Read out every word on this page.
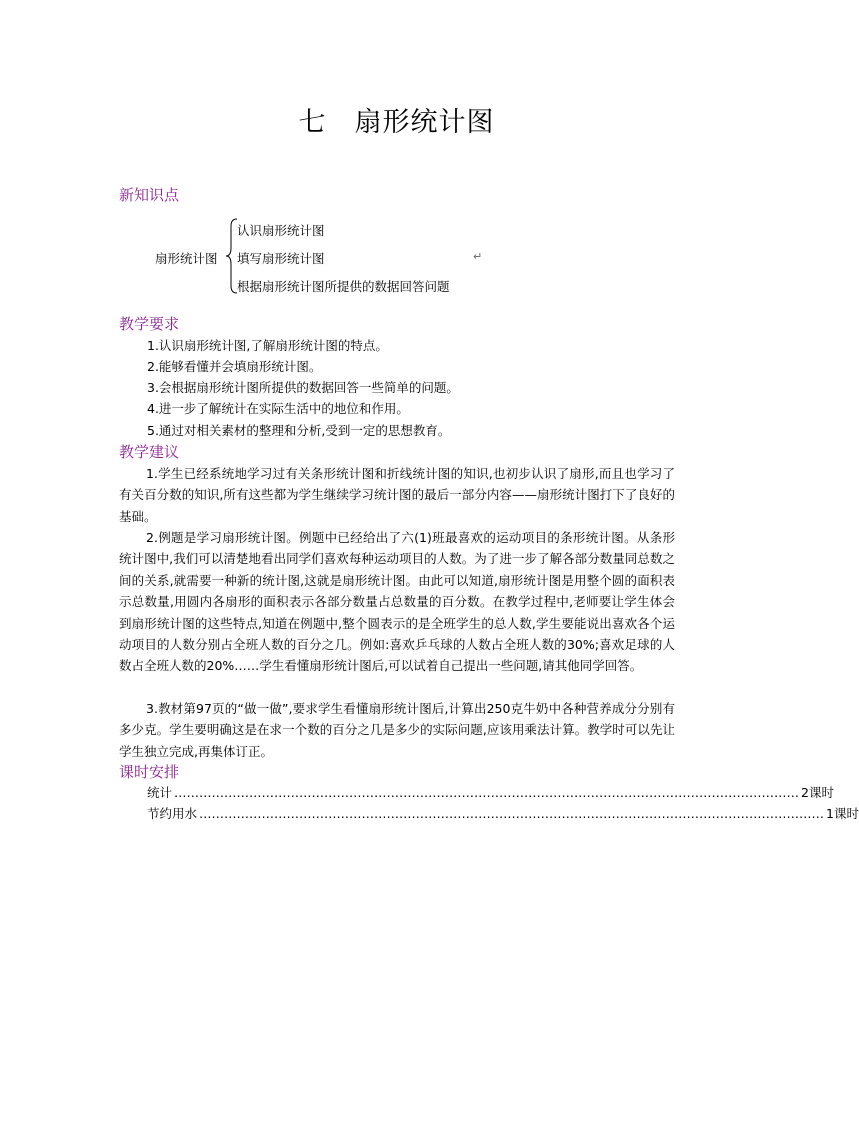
七　扇形统计图
新知识点
扇形统计图
认识扇形统计图
填写扇形统计图
根据扇形统计图所提供的数据回答问题
↵
教学要求
1.认识扇形统计图,了解扇形统计图的特点。
2.能够看懂并会填扇形统计图。
3.会根据扇形统计图所提供的数据回答一些简单的问题。
4.进一步了解统计在实际生活中的地位和作用。
5.通过对相关素材的整理和分析,受到一定的思想教育。
教学建议
1.学生已经系统地学习过有关条形统计图和折线统计图的知识,也初步认识了扇形,而且也学习了有关百分数的知识,所有这些都为学生继续学习统计图的最后一部分内容——扇形统计图打下了良好的基础。
2.例题是学习扇形统计图。例题中已经给出了六(1)班最喜欢的运动项目的条形统计图。从条形统计图中,我们可以清楚地看出同学们喜欢每种运动项目的人数。为了进一步了解各部分数量同总数之间的关系,就需要一种新的统计图,这就是扇形统计图。由此可以知道,扇形统计图是用整个圆的面积表示总数量,用圆内各扇形的面积表示各部分数量占总数量的百分数。在教学过程中,老师要让学生体会到扇形统计图的这些特点,知道在例题中,整个圆表示的是全班学生的总人数,学生要能说出喜欢各个运动项目的人数分别占全班人数的百分之几。例如:喜欢乒乓球的人数占全班人数的30%;喜欢足球的人数占全班人数的20%……学生看懂扇形统计图后,可以试着自己提出一些问题,请其他同学回答。
3.教材第97页的“做一做”,要求学生看懂扇形统计图后,计算出250克牛奶中各种营养成分分别有多少克。学生要明确这是在求一个数的百分之几是多少的实际问题,应该用乘法计算。教学时可以先让学生独立完成,再集体订正。
课时安排
统计 …………………………………………………………………………………………………………………………………… 2课时
节约用水 …………………………………………………………………………………………………………………………………… 1课时
